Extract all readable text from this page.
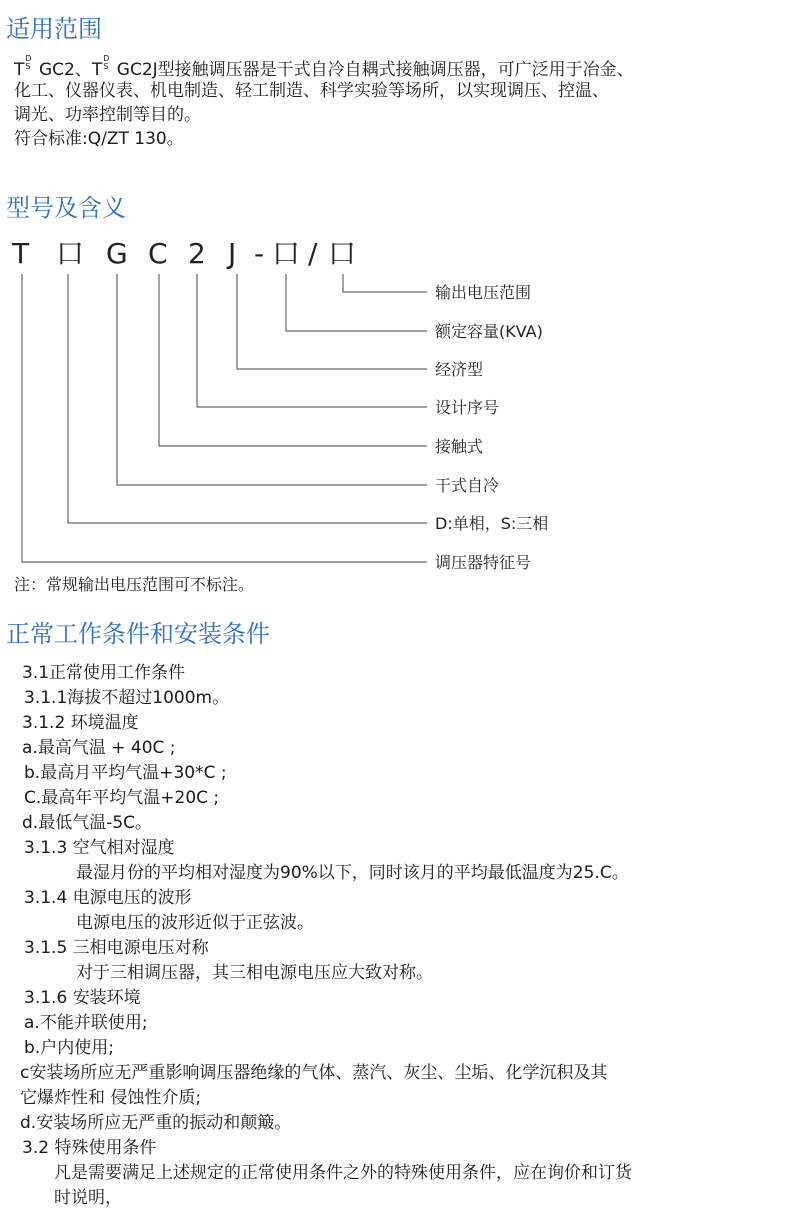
适用范围
T
D
S GC2、T
D
S GC2J型接触调压器是干式自冷自耦式接触调压器，可广泛用于冶金、
化工、仪器仪表、机电制造、轻工制造、科学实验等场所，以实现调压、控温、
调光、功率控制等目的。
符合标准:Q/ZT 130。
型号及含义
T 口 G C 2 J - 口 / 口
输出电压范围
额定容量(KVA)
经济型
设计序号
接触式
干式自冷
D:单相，S:三相
调压器特征号
注：常规输出电压范围可不标注。
正常工作条件和安装条件
3.1正常使用工作条件
3.1.1海拔不超过1000m。
3.1.2 环境温度
a.最高气温 + 40C ;
b.最高月平均气温+30*C ;
C.最高年平均气温+20C ;
d.最低气温-5C。
3.1.3 空气相对湿度
最湿月份的平均相对湿度为90%以下，同时该月的平均最低温度为25.C。
3.1.4 电源电压的波形
电源电压的波形近似于正弦波。
3.1.5 三相电源电压对称
对于三相调压器，其三相电源电压应大致对称。
3.1.6 安装环境
a.不能并联使用;
b.户内使用;
c安装场所应无严重影响调压器绝缘的气体、蒸汽、灰尘、尘垢、化学沉积及其
它爆炸性和 侵蚀性介质;
d.安装场所应无严重的振动和颠簸。
3.2 特殊使用条件
凡是需要满足上述规定的正常使用条件之外的特殊使用条件，应在询价和订货
时说明，
